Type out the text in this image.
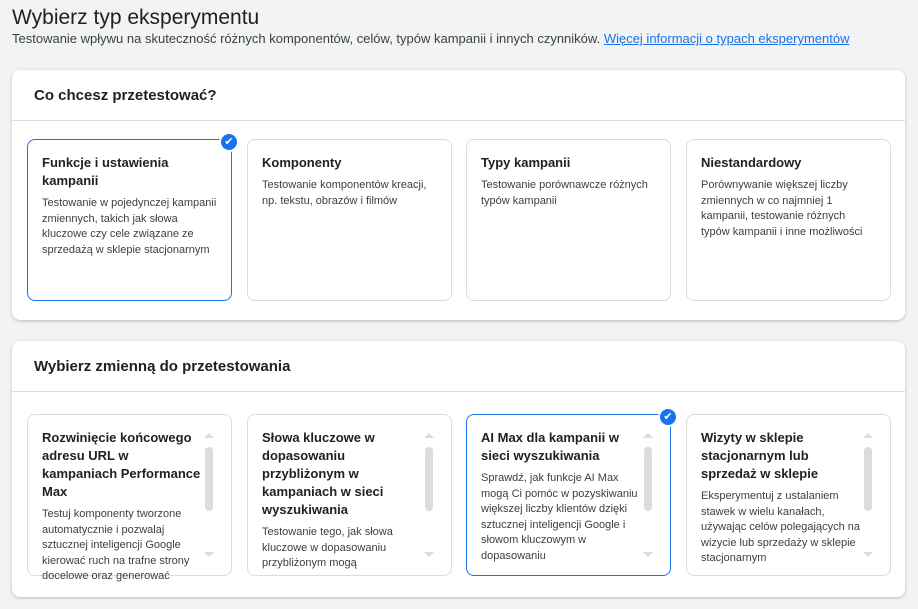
Wybierz typ eksperymentu
Testowanie wpływu na skuteczność różnych komponentów, celów, typów kampanii i innych czynników. Więcej informacji o typach eksperymentów
Co chcesz przetestować?
Funkcje i ustawienia kampanii

Testowanie w pojedynczej kampanii zmiennych, takich jak słowa kluczowe czy cele związane ze sprzedażą w sklepie stacjonarnym

✔
Komponenty

Testowanie komponentów kreacji, np. tekstu, obrazów i filmów

Typy kampanii

Testowanie porównawcze różnych typów kampanii

Niestandardowy

Porównywanie większej liczby zmiennych w co najmniej 1 kampanii, testowanie różnych typów kampanii i inne możliwości

Wybierz zmienną do przetestowania
Rozwinięcie końcowego adresu URL w kampaniach Performance Max

Testuj komponenty tworzone automatycznie i pozwalaj sztucznej inteligencji Google kierować ruch na trafne strony docelowe oraz generować

Słowa kluczowe w dopasowaniu przybliżonym w kampaniach w sieci wyszukiwania

Testowanie tego, jak słowa kluczowe w dopasowaniu przybliżonym mogą

AI Max dla kampanii w sieci wyszukiwania

Sprawdź, jak funkcje AI Max mogą Ci pomóc w pozyskiwaniu większej liczby klientów dzięki sztucznej inteligencji Google i słowom kluczowym w dopasowaniu

✔
Wizyty w sklepie stacjonarnym lub sprzedaż w sklepie

Eksperymentuj z ustalaniem stawek w wielu kanałach, używając celów polegających na wizycie lub sprzedaży w sklepie stacjonarnym
